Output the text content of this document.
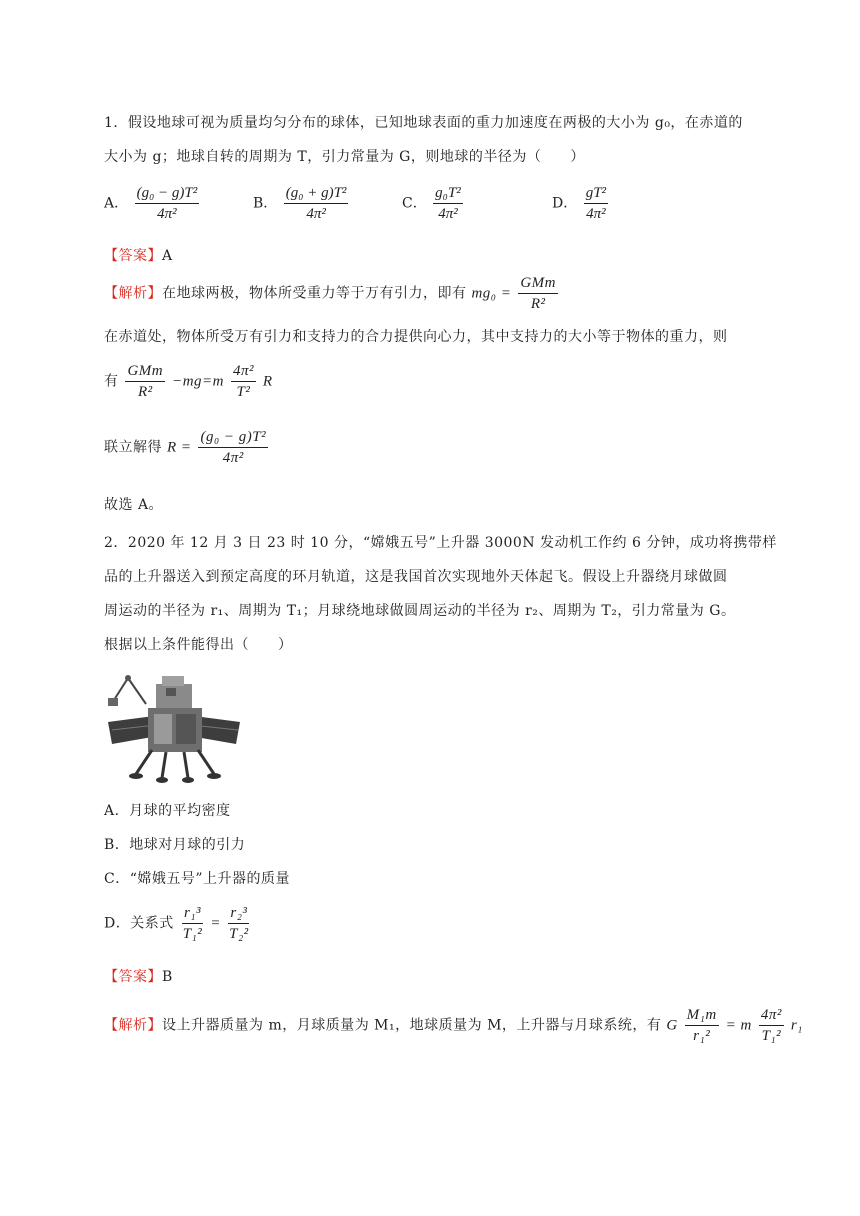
1．假设地球可视为质量均匀分布的球体，已知地球表面的重力加速度在两极的大小为 g₀，在赤道的
大小为 g；地球自转的周期为 T，引力常量为 G，则地球的半径为（　　）
A． $\frac{\text{(g₀ − g)T²}}{\text{4π²}}$	B． $\frac{\text{(g₀ + g)T²}}{\text{4π²}}$	C． $\frac{\text{g₀T²}}{\text{4π²}}$	D． $\frac{\text{gT²}}{\text{4π²}}$
【答案】A
【解析】在地球两极，物体所受重力等于万有引力，即有 $mg_0 = \frac{\text{GMm}}{\text{R²}}$
在赤道处，物体所受万有引力和支持力的合力提供向心力，其中支持力的大小等于物体的重力，则
有 $\frac{\text{GMm}}{\text{R²}} -mg=m \frac{\text{4π²}}{\text{T²}}$ R
联立解得 $R = \frac{\text{(g₀ − g)T²}}{\text{4π²}}$
故选 A。
2．2020 年 12 月 3 日 23 时 10 分，“嫦娥五号”上升器 3000N 发动机工作约 6 分钟，成功将携带样
品的上升器送入到预定高度的环月轨道，这是我国首次实现地外天体起飞。假设上升器绕月球做圆
周运动的半径为 r₁、周期为 T₁；月球绕地球做圆周运动的半径为 r₂、周期为 T₂，引力常量为 G。
根据以上条件能得出（　　）
A．月球的平均密度
B．地球对月球的引力
C．“嫦娥五号”上升器的质量
D．关系式 $\frac{\text{r₁³}}{\text{T₁²}} = \frac{\text{r₂³}}{\text{T₂²}}$
【答案】B
【解析】设上升器质量为 m，月球质量为 M₁，地球质量为 M，上升器与月球系统，有 G $\frac{\text{M₁m}}{\text{r₁²}} = m \frac{\text{4π²}}{\text{T₁²}} r_1$
